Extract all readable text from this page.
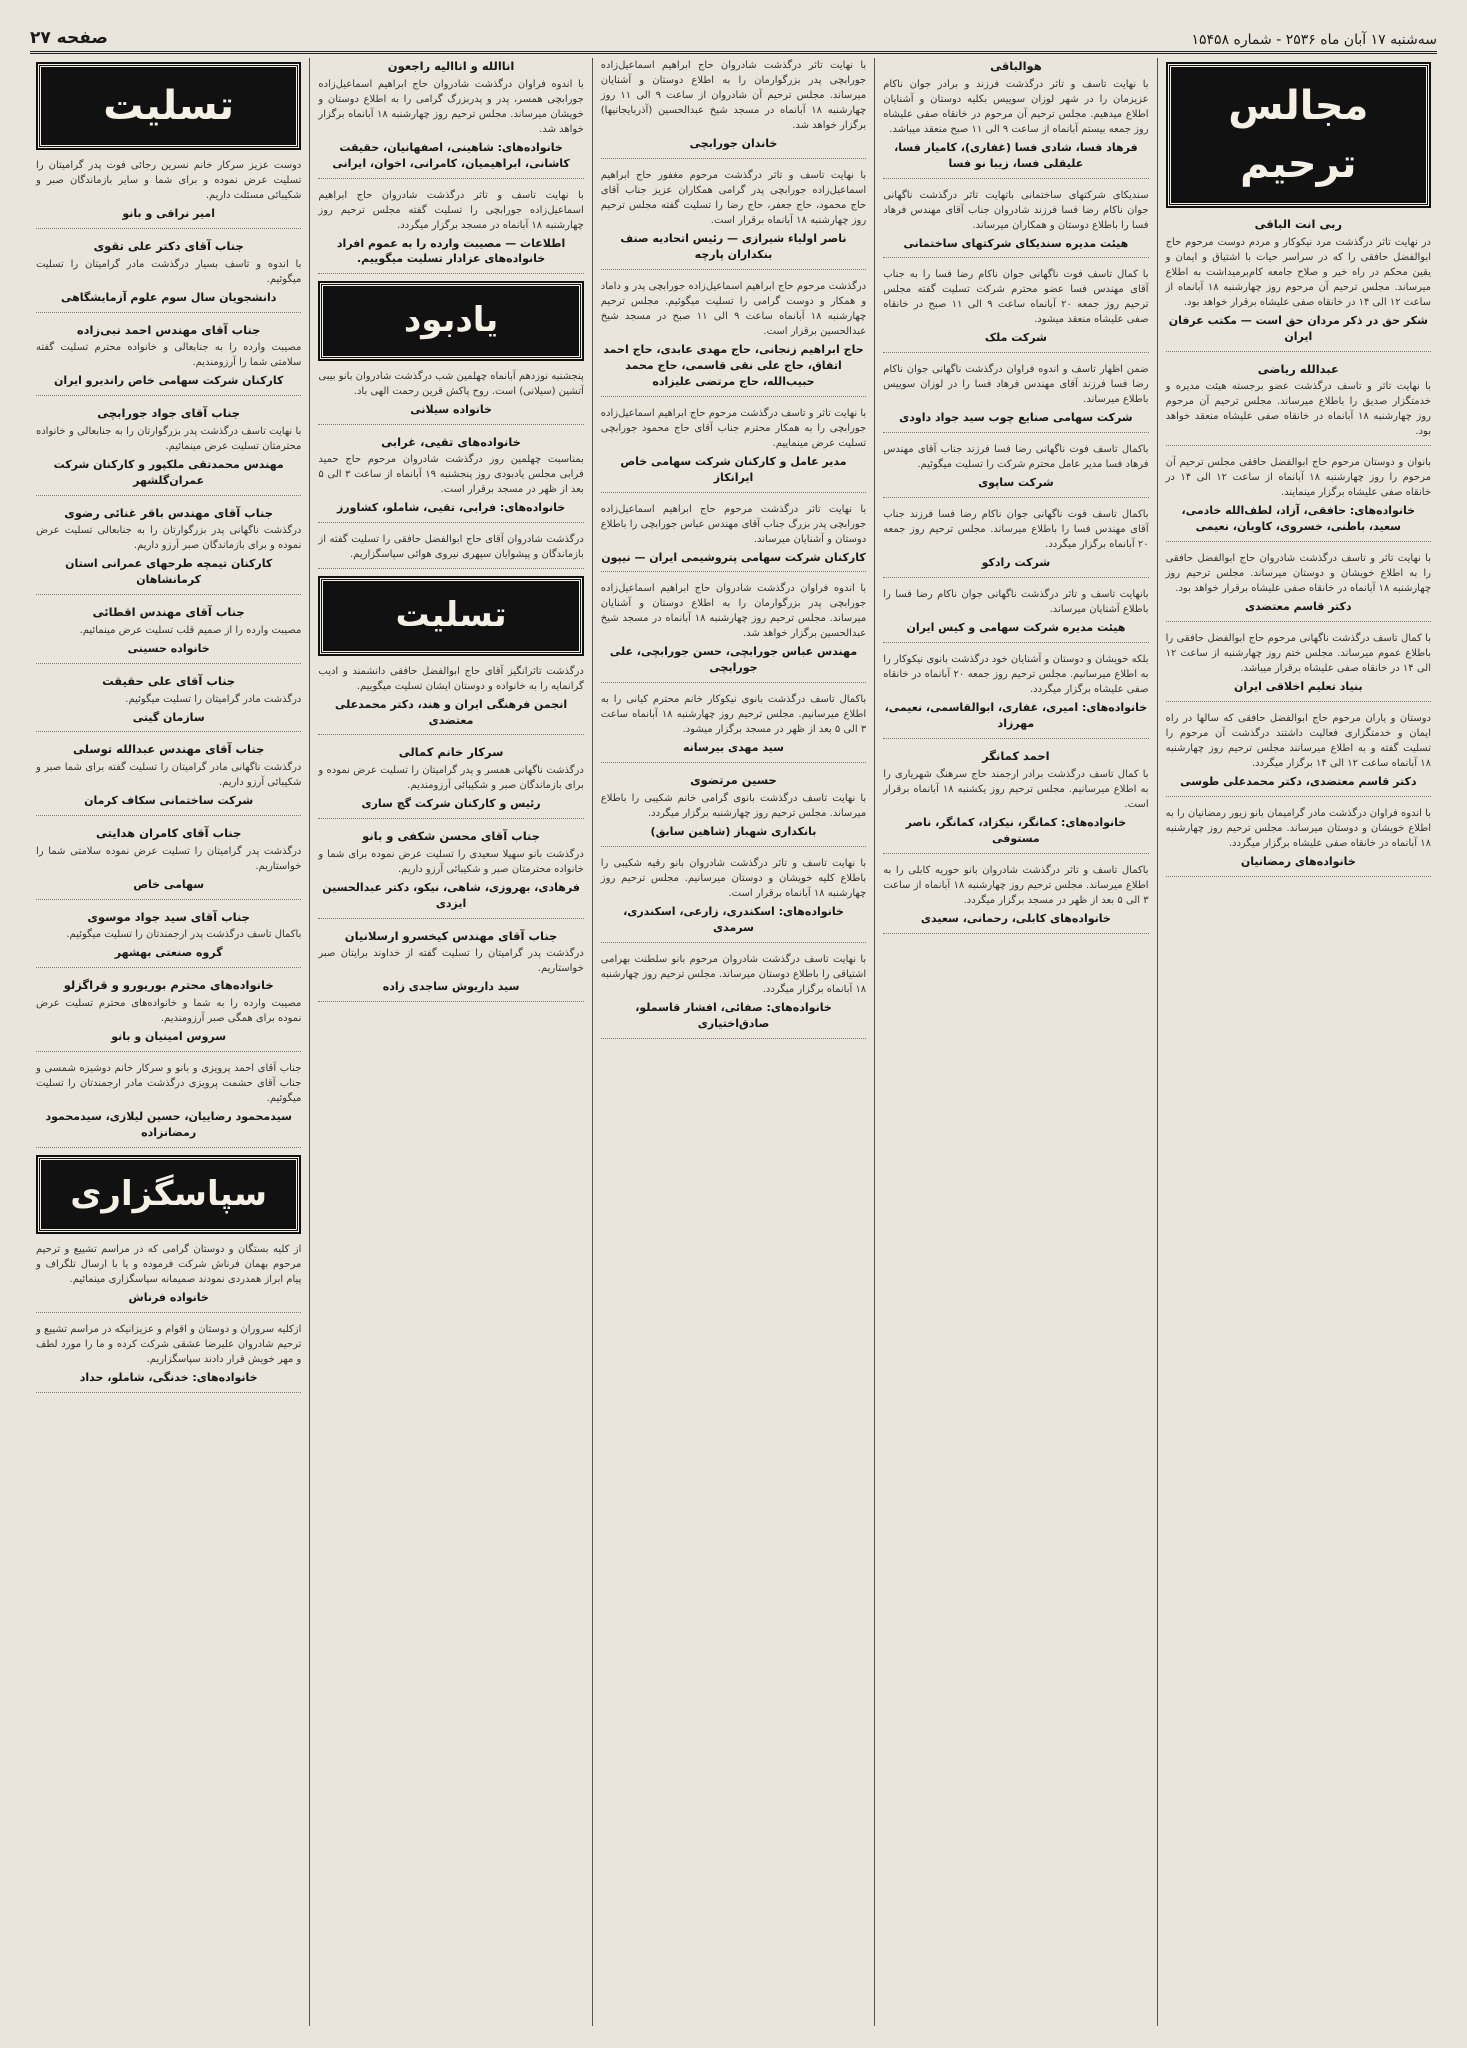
سه‌شنبه ۱۷ آبان ماه ۲۵۳۶ - شماره ۱۵۴۵۸
صفحه ۲۷
مجالس ترحیم
ربی انت الباقی
در نهایت تاثر درگذشت مرد نیکوکار و مردم دوست مرحوم حاج ابوالفضل حافقی را که در سراسر حیات با اشتیاق و ایمان و یقین محکم در راه خیر و صلاح جامعه کام‌برمیداشت به اطلاع میرساند. مجلس ترحیم آن مرحوم روز چهارشنبه ۱۸ آبانماه از ساعت ۱۲ الی ۱۴ در خانقاه صفی علیشاه برقرار خواهد بود.
شکر حق در ذکر مردان حق است — مکتب عرفان ایران
عبدالله ریاضی
با نهایت تاثر و تاسف درگذشت عضو برجسته هیئت مدیره و خدمتگزار صدیق را باطلاع میرساند. مجلس ترحیم آن مرحوم روز چهارشنبه ۱۸ آبانماه در خانقاه صفی علیشاه منعقد خواهد بود.
بانوان و دوستان مرحوم حاج ابوالفضل حافقی مجلس ترحیم آن مرحوم را روز چهارشنبه ۱۸ آبانماه از ساعت ۱۲ الی ۱۴ در خانقاه صفی علیشاه برگزار مینمایند.
خانواده‌های: حافقی، آزاد، لطف‌الله خادمی، سعید، باطنی، خسروی، کاویان، نعیمی
با نهایت تاثر و تاسف درگذشت شادروان حاج ابوالفضل حافقی را به اطلاع خویشان و دوستان میرساند. مجلس ترحیم روز چهارشنبه ۱۸ آبانماه در خانقاه صفی علیشاه برقرار خواهد بود.
دکتر قاسم معتضدی
با کمال تاسف درگذشت ناگهانی مرحوم حاج ابوالفضل حافقی را باطلاع عموم میرساند. مجلس ختم روز چهارشنبه از ساعت ۱۲ الی ۱۴ در خانقاه صفی علیشاه برقرار میباشد.
بنیاد تعلیم اخلاقی ایران
دوستان و یاران مرحوم حاج ابوالفضل حافقی که سالها در راه ایمان و خدمتگزاری فعالیت داشتند درگذشت آن مرحوم را تسلیت گفته و به اطلاع میرسانند مجلس ترحیم روز چهارشنبه ۱۸ آبانماه ساعت ۱۲ الی ۱۴ برگزار میگردد.
دکتر قاسم معتضدی، دکتر محمدعلی طوسی
با اندوه فراوان درگذشت مادر گرامیمان بانو زیور رمضانیان را به اطلاع خویشان و دوستان میرساند. مجلس ترحیم روز چهارشنبه ۱۸ آبانماه در خانقاه صفی علیشاه برگزار میگردد.
خانواده‌های رمضانیان
هوالباقی
با نهایت تاسف و تاثر درگذشت فرزند و برادر جوان ناکام عزیزمان را در شهر لوزان سوییس بکلیه دوستان و آشنایان اطلاع میدهیم. مجلس ترحیم آن مرحوم در خانقاه صفی علیشاه روز جمعه بیستم آبانماه از ساعت ۹ الی ۱۱ صبح منعقد میباشد.
فرهاد فسا، شادی فسا (غفاری)، کامیار فسا، علیقلی فسا، زیبا نو فسا
سندیکای شرکتهای ساختمانی باتهایت تاثر درگذشت ناگهانی جوان ناکام رضا فسا فرزند شادروان جناب آقای مهندس فرهاد فسا را باطلاع دوستان و همکاران میرساند.
هیئت مدیره سندیکای شرکتهای ساختمانی
با کمال تاسف فوت ناگهانی جوان ناکام رضا فسا را به جناب آقای مهندس فسا عضو محترم شرکت تسلیت گفته مجلس ترحیم روز جمعه ۲۰ آبانماه ساعت ۹ الی ۱۱ صبح در خانقاه صفی علیشاه منعقد میشود.
شرکت ملک
ضمن اظهار تاسف و اندوه فراوان درگذشت ناگهانی جوان ناکام رضا فسا فرزند آقای مهندس فرهاد فسا را در لوزان سوییس باطلاع میرساند.
شرکت سهامی صنایع چوب سید جواد داودی
باکمال تاسف فوت ناگهانی رضا فسا فرزند جناب آقای مهندس فرهاد فسا مدیر عامل محترم شرکت را تسلیت میگوئیم.
شرکت ساپوی
باکمال تاسف فوت ناگهانی جوان ناکام رضا فسا فرزند جناب آقای مهندس فسا را باطلاع میرساند. مجلس ترحیم روز جمعه ۲۰ آبانماه برگزار میگردد.
شرکت رادکو
بانهایت تاسف و تاثر درگذشت ناگهانی جوان ناکام رضا فسا را باطلاع آشنایان میرساند.
هیئت مدیره شرکت سهامی و کیس ایران
بلکه خویشان و دوستان و آشنایان خود درگذشت بانوی نیکوکار را به اطلاع میرسانیم. مجلس ترحیم روز جمعه ۲۰ آبانماه در خانقاه صفی علیشاه برگزار میگردد.
خانواده‌های: امیری، غفاری، ابوالقاسمی، نعیمی، مهرزاد
احمد کمانگر
با کمال تاسف درگذشت برادر ارجمند حاج سرهنگ شهریاری را به اطلاع میرسانیم. مجلس ترحیم روز یکشنبه ۱۸ آبانماه برقرار است.
خانواده‌های: کمانگر، نیکزاد، کمانگر، ناصر مستوفی
باکمال تاسف و تاثر درگذشت شادروان بانو حوریه کابلی را به اطلاع میرساند. مجلس ترحیم روز چهارشنبه ۱۸ آبانماه از ساعت ۳ الی ۵ بعد از ظهر در مسجد برگزار میگردد.
خانواده‌های کابلی، رحمانی، سعیدی
با نهایت تاثر درگذشت شادروان حاج ابراهیم اسماعیل‌زاده جورابچی پدر بزرگوارمان را به اطلاع دوستان و آشنایان میرساند. مجلس ترحیم آن شادروان از ساعت ۹ الی ۱۱ روز چهارشنبه ۱۸ آبانماه در مسجد شیخ عبدالحسین (آذربایجانیها) برگزار خواهد شد.
خاندان جورابچی
با نهایت تاسف و تاثر درگذشت مرحوم مغفور حاج ابراهیم اسماعیل‌زاده جورابچی پدر گرامی همکاران عزیز جناب آقای حاج محمود، حاج جعفر، حاج رضا را تسلیت گفته مجلس ترحیم روز چهارشنبه ۱۸ آبانماه برقرار است.
ناصر اولیاء شیرازی — رئیس اتحادیه صنف بنکداران پارچه
درگذشت مرحوم حاج ابراهیم اسماعیل‌زاده جورابچی پدر و داماد و همکار و دوست گرامی را تسلیت میگوئیم. مجلس ترحیم چهارشنبه ۱۸ آبانماه ساعت ۹ الی ۱۱ صبح در مسجد شیخ عبدالحسین برقرار است.
حاج ابراهیم زنجانی، حاج مهدی عابدی، حاج احمد اتفاق، حاج علی نقی قاسمی، حاج محمد حبیب‌الله، حاج مرتضی علیزاده
با نهایت تاثر و تاسف درگذشت مرحوم حاج ابراهیم اسماعیل‌زاده جورابچی را به همکار محترم جناب آقای حاج محمود جورابچی تسلیت عرض مینماییم.
مدیر عامل و کارکنان شرکت سهامی خاص ایرانکاز
با نهایت تاثر درگذشت مرحوم حاج ابراهیم اسماعیل‌زاده جورابچی پدر بزرگ جناب آقای مهندس عباس جورابچی را باطلاع دوستان و آشنایان میرساند.
کارکنان شرکت سهامی پتروشیمی ایران — نیپون
با اندوه فراوان درگذشت شادروان حاج ابراهیم اسماعیل‌زاده جورابچی پدر بزرگوارمان را به اطلاع دوستان و آشنایان میرساند. مجلس ترحیم روز چهارشنبه ۱۸ آبانماه در مسجد شیخ عبدالحسین برگزار خواهد شد.
مهندس عباس جورابچی، حسن جورابچی، علی جورابچی
باکمال تاسف درگذشت بانوی نیکوکار خانم محترم کیانی را به اطلاع میرسانیم. مجلس ترحیم روز چهارشنبه ۱۸ آبانماه ساعت ۳ الی ۵ بعد از ظهر در مسجد برگزار میشود.
سید مهدی بیرسانه
حسین مرتضوی
با نهایت تاسف درگذشت بانوی گرامی خانم شکیبی را باطلاع میرساند. مجلس ترحیم روز چهارشنبه برگزار میگردد.
بانکداری شهباز (شاهین سابق)
با نهایت تاسف و تاثر درگذشت شادروان بانو رقیه شکیبی را باطلاع کلیه خویشان و دوستان میرسانیم. مجلس ترحیم روز چهارشنبه ۱۸ آبانماه برقرار است.
خانواده‌های: اسکندری، زارعی، اسکندری، سرمدی
با نهایت تاسف درگذشت شادروان مرحوم بانو سلطنت بهرامی اشتیاقی را باطلاع دوستان میرساند. مجلس ترحیم روز چهارشنبه ۱۸ آبانماه برگزار میگردد.
خانواده‌های: صفائی، افشار قاسملو، صادق‌اختیاری
اناالله و اناالیه راجعون
با اندوه فراوان درگذشت شادروان حاج ابراهیم اسماعیل‌زاده جورابچی همسر، پدر و پدربزرگ گرامی را به اطلاع دوستان و خویشان میرساند. مجلس ترحیم روز چهارشنبه ۱۸ آبانماه برگزار خواهد شد.
خانواده‌های: شاهینی، اصفهانیان، حقیقت کاشانی، ابراهیمیان، کامرانی، اخوان، ایرانی
با نهایت تاسف و تاثر درگذشت شادروان حاج ابراهیم اسماعیل‌زاده جورابچی را تسلیت گفته مجلس ترحیم روز چهارشنبه ۱۸ آبانماه در مسجد برگزار میگردد.
اطلاعات — مصیبت وارده را به عموم افراد خانواده‌های عزادار تسلیت میگوییم.
یادبود
پنجشنبه نوزدهم آبانماه چهلمین شب درگذشت شادروان بانو بیبی آتشین (سیلانی) است. روح پاکش قرین رحمت الهی باد.
خانواده سیلانی
خانواده‌های تقیی، غرابی
بمناسبت چهلمین روز درگذشت شادروان مرحوم حاج حمید فرابی مجلس یادبودی روز پنجشنبه ۱۹ آبانماه از ساعت ۳ الی ۵ بعد از ظهر در مسجد برقرار است.
خانواده‌های: فرابی، تقیی، شاملو، کشاورز
درگذشت شادروان آقای حاج ابوالفضل حافقی را تسلیت گفته از بازماندگان و پیشوایان سپهری نیروی هوائی سپاسگزاریم.
تسلیت
درگذشت تاثرانگیز آقای حاج ابوالفضل حافقی دانشمند و ادیب گرانمایه را به خانواده و دوستان ایشان تسلیت میگوییم.
انجمن فرهنگی ایران و هند، دکتر محمدعلی معتضدی
سرکار خانم کمالی
درگذشت ناگهانی همسر و پدر گرامیتان را تسلیت عرض نموده و برای بازماندگان صبر و شکیبائی آرزومندیم.
رئیس و کارکنان شرکت گچ ساری
جناب آقای محسن شکفی و بانو
درگذشت بانو سهیلا سعیدی را تسلیت عرض نموده برای شما و خانواده محترمتان صبر و شکیبائی آرزو داریم.
فرهادی، بهروزی، شاهی، نیکو، دکتر عبدالحسین ایزدی
جناب آقای مهندس کیخسرو ارسلانیان
درگذشت پدر گرامیتان را تسلیت گفته از خداوند برایتان صبر خواستاریم.
سید داریوش ساجدی زاده
تسلیت
دوست عزیز سرکار خانم نسرین رجائی فوت پدر گرامیتان را تسلیت عرض نموده و برای شما و سایر بازماندگان صبر و شکیبائی مسئلت داریم.
امیر نراقی و بانو
جناب آقای دکتر علی تقوی
با اندوه و تاسف بسیار درگذشت مادر گرامیتان را تسلیت میگوئیم.
دانشجویان سال سوم علوم آزمایشگاهی
جناب آقای مهندس احمد نبی‌زاده
مصیبت وارده را به جنابعالی و خانواده محترم تسلیت گفته سلامتی شما را آرزومندیم.
کارکنان شرکت سهامی خاص راندیرو ایران
جناب آقای جواد جورابچی
با نهایت تاسف درگذشت پدر بزرگوارتان را به جنابعالی و خانواده محترمتان تسلیت عرض مینمائیم.
مهندس محمدتقی ملکپور و کارکنان شرکت عمران‌گلشهر
جناب آقای مهندس باقر غنائی رضوی
درگذشت ناگهانی پدر بزرگوارتان را به جنابعالی تسلیت عرض نموده و برای بازماندگان صبر آرزو داریم.
کارکنان تیمچه طرحهای عمرانی استان کرمانشاهان
جناب آقای مهندس اقطائی
مصیبت وارده را از صمیم قلب تسلیت عرض مینمائیم.
خانواده حسینی
جناب آقای علی حقیقت
درگذشت مادر گرامیتان را تسلیت میگوئیم.
سازمان گیتی
جناب آقای مهندس عبدالله توسلی
درگذشت ناگهانی مادر گرامیتان را تسلیت گفته برای شما صبر و شکیبائی آرزو داریم.
شرکت ساختمانی سکاف کرمان
جناب آقای کامران هدایتی
درگذشت پدر گرامیتان را تسلیت عرض نموده سلامتی شما را خواستاریم.
سهامی خاص
جناب آقای سید جواد موسوی
باکمال تاسف درگذشت پدر ارجمندتان را تسلیت میگوئیم.
گروه صنعتی بهشهر
خانواده‌های محترم بوریورو و قراگزلو
مصیبت وارده را به شما و خانواده‌های محترم تسلیت عرض نموده برای همگی صبر آرزومندیم.
سروس امینیان و بانو
جناب آقای احمد پرویزی و بانو و سرکار خانم دوشیزه شمسی و جناب آقای حشمت پرویزی درگذشت مادر ارجمندتان را تسلیت میگوئیم.
سیدمحمود رضاییان، حسین لیلازی، سیدمحمود رمضانزاده
سپاسگزاری
از کلیه بستگان و دوستان گرامی که در مراسم تشییع و ترحیم مرحوم بهمان فرناش شرکت فرموده و یا با ارسال تلگراف و پیام ابراز همدردی نمودند صمیمانه سپاسگزاری مینمائیم.
خانواده فرناش
ازکلیه سروران و دوستان و اقوام و عزیزانیکه در مراسم تشییع و ترحیم شادروان علیرضا عشقی شرکت کرده و ما را مورد لطف و مهر خویش قرار دادند سپاسگزاریم.
خانواده‌های: خدنگی، شاملو، حداد
